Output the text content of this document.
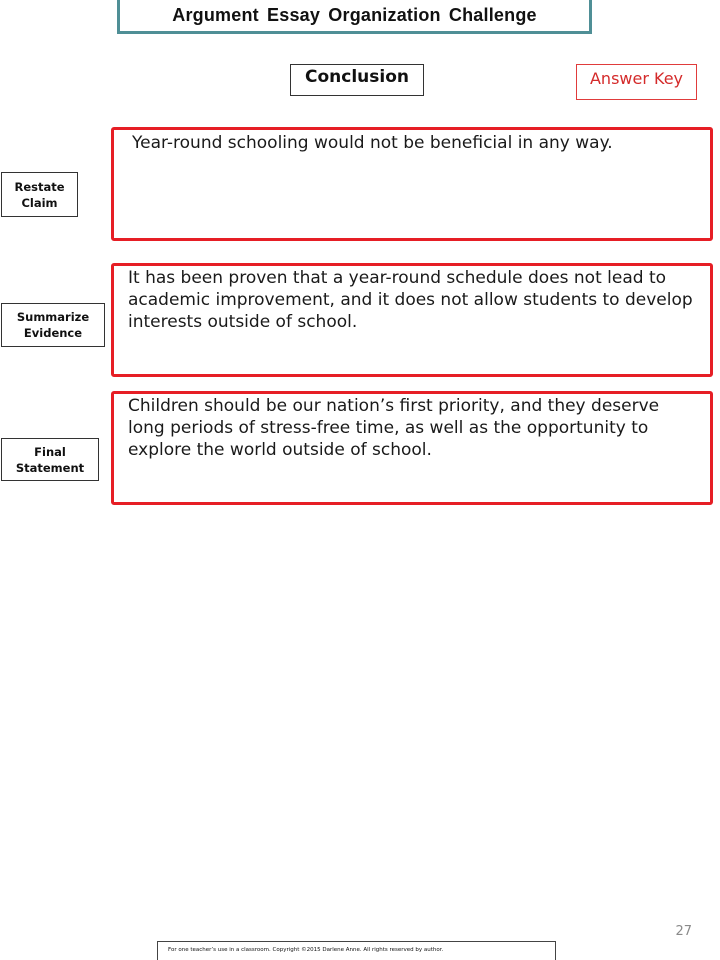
Argument Essay Organization Challenge
Conclusion	Answer Key
Restate
Claim

Year-round schooling would not be beneficial in any way.

Summarize
Evidence

It has been proven that a year-round schedule does not lead to academic improvement, and it does not allow students to develop interests outside of school.

Final
Statement

Children should be our nation’s first priority, and they deserve long periods of stress-free time, as well as the opportunity to explore the world outside of school.

27
For one teacher’s use in a classroom. Copyright ©2015 Darlene Anne. All rights reserved by author.
